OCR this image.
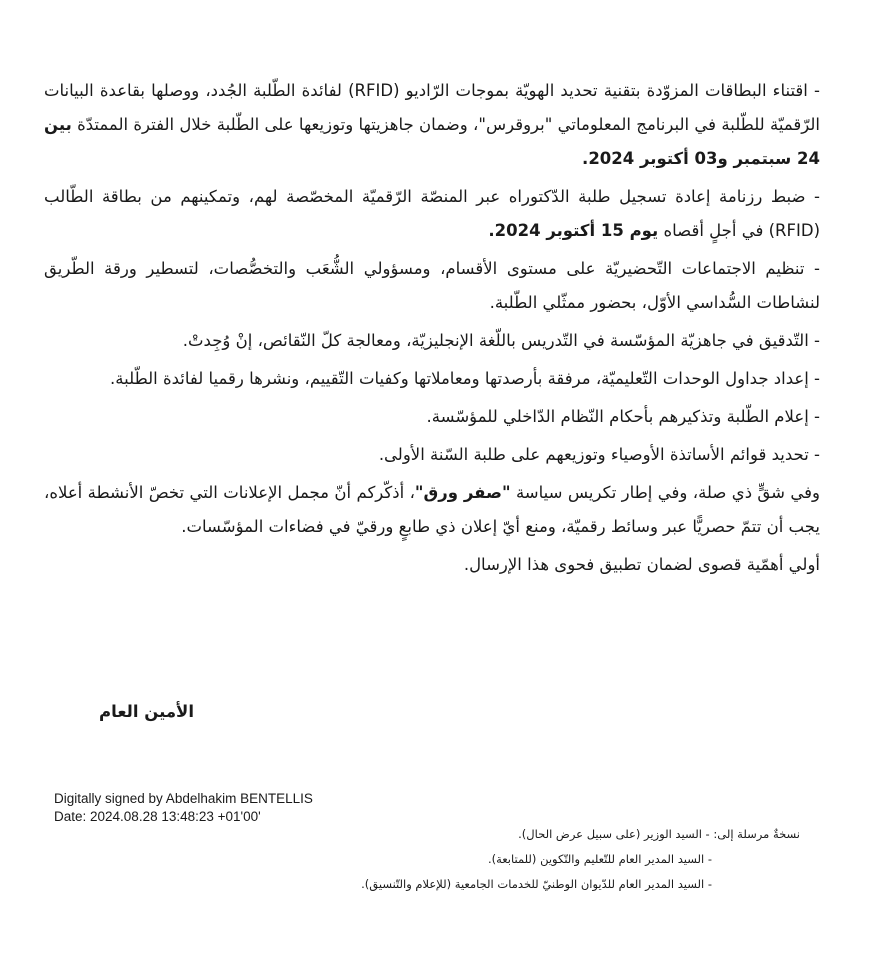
- اقتناء البطاقات المزوّدة بتقنية تحديد الهويّة بموجات الرّاديو (RFID) لفائدة الطّلبة الجُدد، ووصلها بقاعدة البيانات الرّقميّة للطّلبة في البرنامج المعلوماتي "بروقرس"، وضمان جاهزيتها وتوزيعها على الطّلبة خلال الفترة الممتدّة بين 24 سبتمبر و03 أكتوبر 2024.

- ضبط رزنامة إعادة تسجيل طلبة الدّكتوراه عبر المنصّة الرّقميّة المخصّصة لهم، وتمكينهم من بطاقة الطّالب (RFID) في أجلٍ أقصاه يوم 15 أكتوبر 2024.

- تنظيم الاجتماعات التّحضيريّة على مستوى الأقسام، ومسؤولي الشُّعَب والتخصُّصات، لتسطير ورقة الطّريق لنشاطات السُّداسي الأوّل، بحضور ممثّلي الطّلبة.

- التّدقيق في جاهزيّة المؤسّسة في التّدريس باللّغة الإنجليزيّة، ومعالجة كلّ النّقائص، إنْ وُجِدتْ.

- إعداد جداول الوحدات التّعليميّة، مرفقة بأرصدتها ومعاملاتها وكفيات التّقييم، ونشرها رقميا لفائدة الطّلبة.

- إعلام الطّلبة وتذكيرهم بأحكام النّظام الدّاخلي للمؤسّسة.

- تحديد قوائم الأساتذة الأوصياء وتوزيعهم على طلبة السّنة الأولى.

وفي شقٍّ ذي صلة، وفي إطار تكريس سياسة "صفر ورق"، أذكّركم أنّ مجمل الإعلانات التي تخصّ الأنشطة أعلاه، يجب أن تتمّ حصريًّا عبر وسائط رقميّة، ومنع أيّ إعلان ذي طابعٍ ورقيّ في فضاءات المؤسّسات.

أولي أهمّية قصوى لضمان تطبيق فحوى هذا الإرسال.

الأمين العام
Digitally signed by Abdelhakim BENTELLIS
Date: 2024.08.28 13:48:23 +01'00'

نسخةٌ مرسلة إلى: - السيد الوزير (على سبيل عرض الحال).

- السيد المدير العام للتّعليم والتّكوين (للمتابعة).

- السيد المدير العام للدّيوان الوطنيّ للخدمات الجامعية (للإعلام والتّنسيق).
